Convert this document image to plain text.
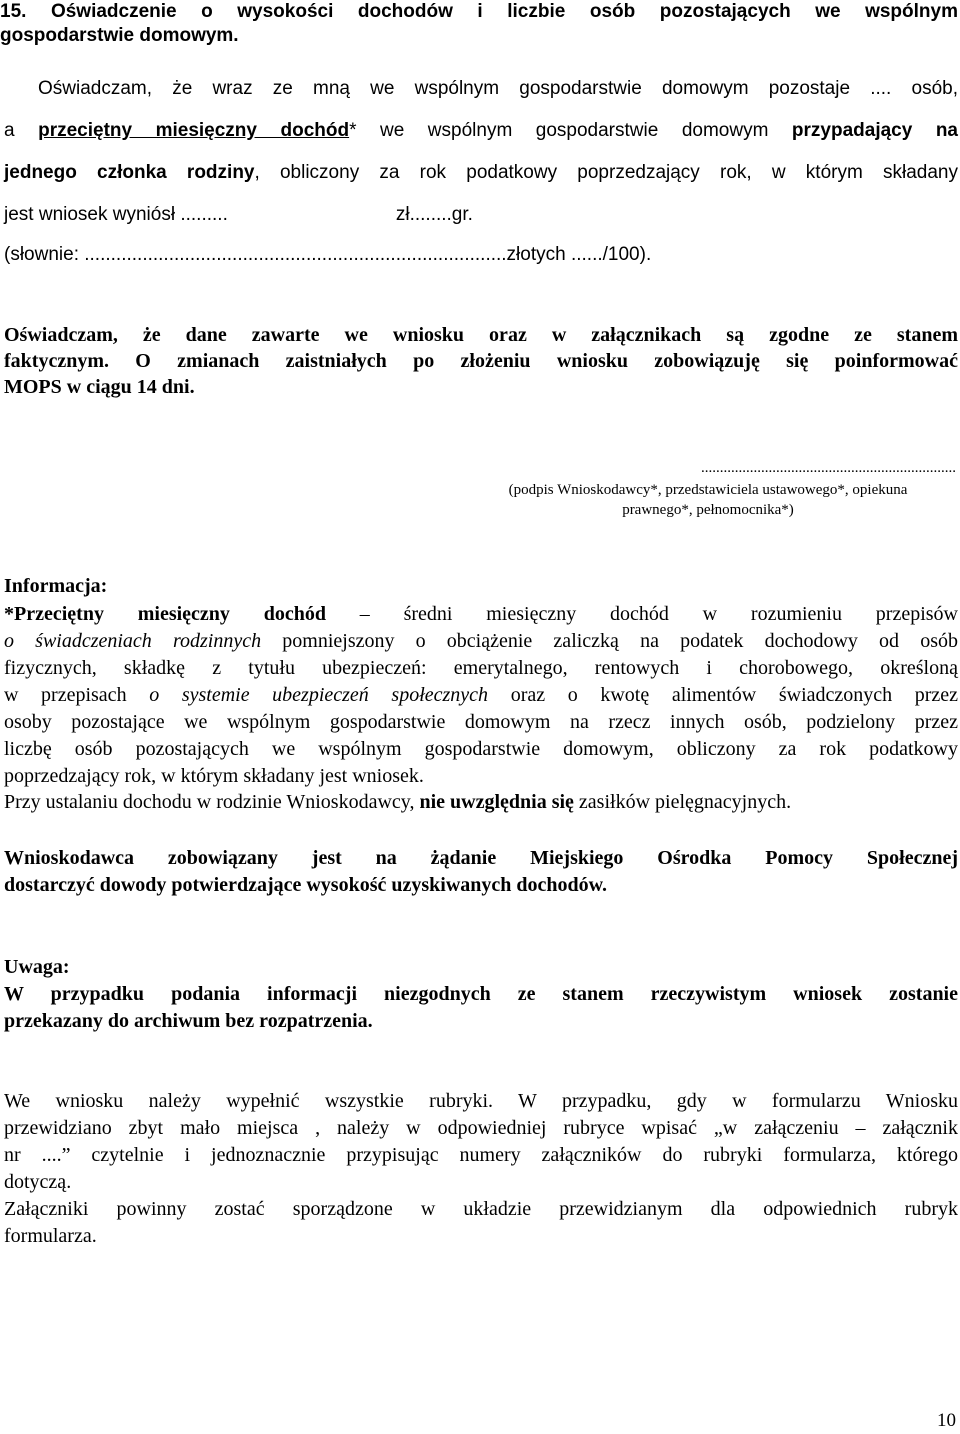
15. Oświadczenie o wysokości dochodów i liczbie osób pozostających we wspólnym
gospodarstwie domowym.
Oświadczam, że wraz ze mną we wspólnym gospodarstwie domowym pozostaje .... osób,
a przeciętny miesięczny dochód* we wspólnym gospodarstwie domowym przypadający na
jednego członka rodziny, obliczony za rok podatkowy poprzedzający rok, w którym składany
jest wniosek wyniósł .........	zł........gr.
(słownie: ................................................................................złotych ....../100).
Oświadczam, że dane zawarte we wniosku oraz w załącznikach są zgodne ze stanem
faktycznym. O zmianach zaistniałych po złożeniu wniosku zobowiązuję się poinformować
MOPS w ciągu 14 dni.
....................................................................
(podpis Wnioskodawcy*, przedstawiciela ustawowego*, opiekuna
prawnego*, pełnomocnika*)
Informacja:
*Przeciętny miesięczny dochód – średni miesięczny dochód w rozumieniu przepisów
o świadczeniach rodzinnych pomniejszony o obciążenie zaliczką na podatek dochodowy od osób
fizycznych, składkę z tytułu ubezpieczeń: emerytalnego, rentowych i chorobowego, określoną
w przepisach o systemie ubezpieczeń społecznych oraz o kwotę alimentów świadczonych przez
osoby pozostające we wspólnym gospodarstwie domowym na rzecz innych osób, podzielony przez
liczbę osób pozostających we wspólnym gospodarstwie domowym, obliczony za rok podatkowy
poprzedzający rok, w którym składany jest wniosek.
Przy ustalaniu dochodu w rodzinie Wnioskodawcy, nie uwzględnia się zasiłków pielęgnacyjnych.
Wnioskodawca zobowiązany jest na żądanie Miejskiego Ośrodka Pomocy Społecznej
dostarczyć dowody potwierdzające wysokość uzyskiwanych dochodów.
Uwaga:
W przypadku podania informacji niezgodnych ze stanem rzeczywistym wniosek zostanie
przekazany do archiwum bez rozpatrzenia.
We wniosku należy wypełnić wszystkie rubryki. W przypadku, gdy w formularzu Wniosku
przewidziano zbyt mało miejsca , należy w odpowiedniej rubryce wpisać „w załączeniu – załącznik
nr ....” czytelnie i jednoznacznie przypisując numery załączników do rubryki formularza, którego
dotyczą.
Załączniki powinny zostać sporządzone w układzie przewidzianym dla odpowiednich rubryk
formularza.
10
